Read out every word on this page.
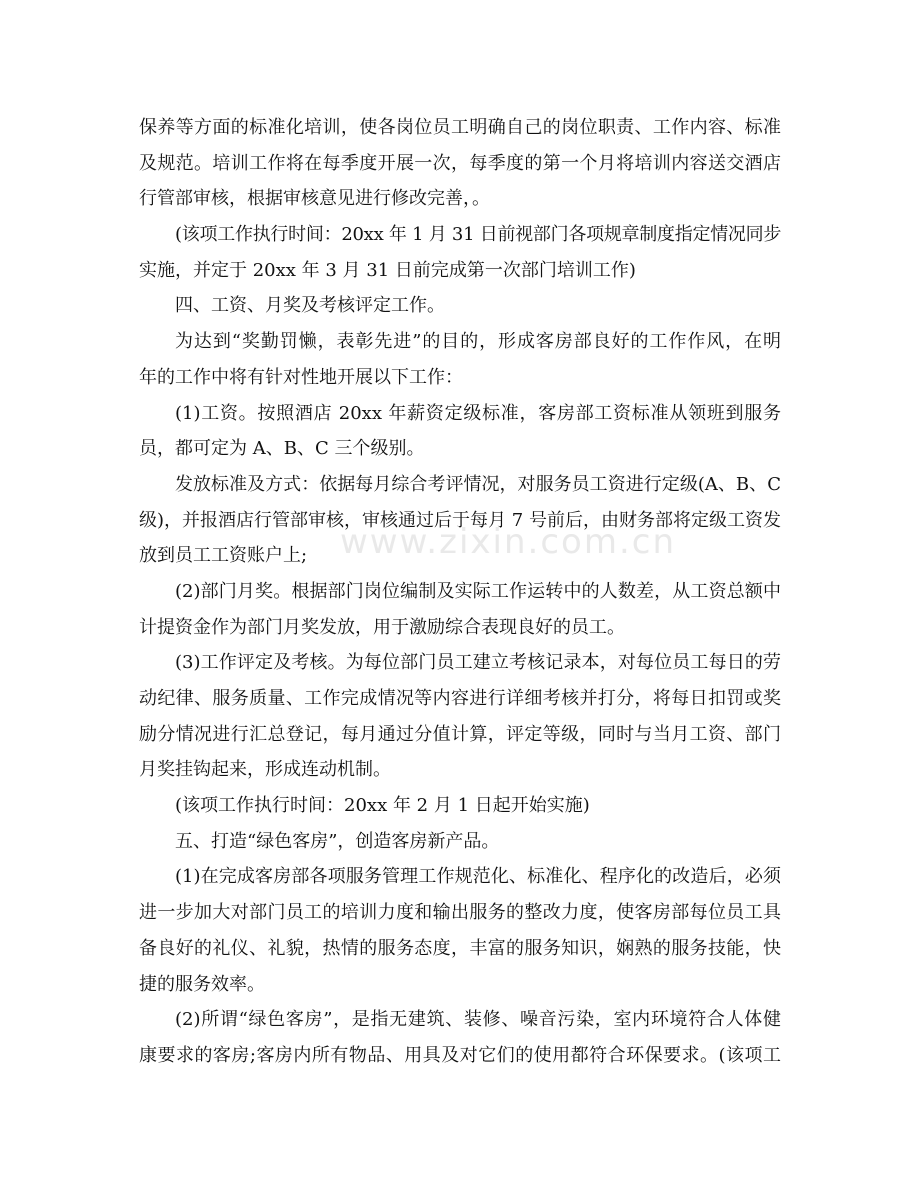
www.zixin.com.cn
保养等方面的标准化培训，使各岗位员工明确自己的岗位职责、工作内容、标准
及规范。培训工作将在每季度开展一次，每季度的第一个月将培训内容送交酒店
行管部审核，根据审核意见进行修改完善，。
(该项工作执行时间：20xx 年 1 月 31 日前视部门各项规章制度指定情况同步
实施，并定于 20xx 年 3 月 31 日前完成第一次部门培训工作)
四、工资、月奖及考核评定工作。
为达到“奖勤罚懒，表彰先进”的目的，形成客房部良好的工作作风，在明
年的工作中将有针对性地开展以下工作：
(1)工资。按照酒店 20xx 年薪资定级标准，客房部工资标准从领班到服务
员，都可定为 A、B、C 三个级别。
发放标准及方式：依据每月综合考评情况，对服务员工资进行定级(A、B、C
级)，并报酒店行管部审核，审核通过后于每月 7 号前后，由财务部将定级工资发
放到员工工资账户上;
(2)部门月奖。根据部门岗位编制及实际工作运转中的人数差，从工资总额中
计提资金作为部门月奖发放，用于激励综合表现良好的员工。
(3)工作评定及考核。为每位部门员工建立考核记录本，对每位员工每日的劳
动纪律、服务质量、工作完成情况等内容进行详细考核并打分，将每日扣罚或奖
励分情况进行汇总登记，每月通过分值计算，评定等级，同时与当月工资、部门
月奖挂钩起来，形成连动机制。
(该项工作执行时间：20xx 年 2 月 1 日起开始实施)
五、打造“绿色客房”，创造客房新产品。
(1)在完成客房部各项服务管理工作规范化、标准化、程序化的改造后，必须
进一步加大对部门员工的培训力度和输出服务的整改力度，使客房部每位员工具
备良好的礼仪、礼貌，热情的服务态度，丰富的服务知识，娴熟的服务技能，快
捷的服务效率。
(2)所谓“绿色客房”，是指无建筑、装修、噪音污染，室内环境符合人体健
康要求的客房;客房内所有物品、用具及对它们的使用都符合环保要求。(该项工
